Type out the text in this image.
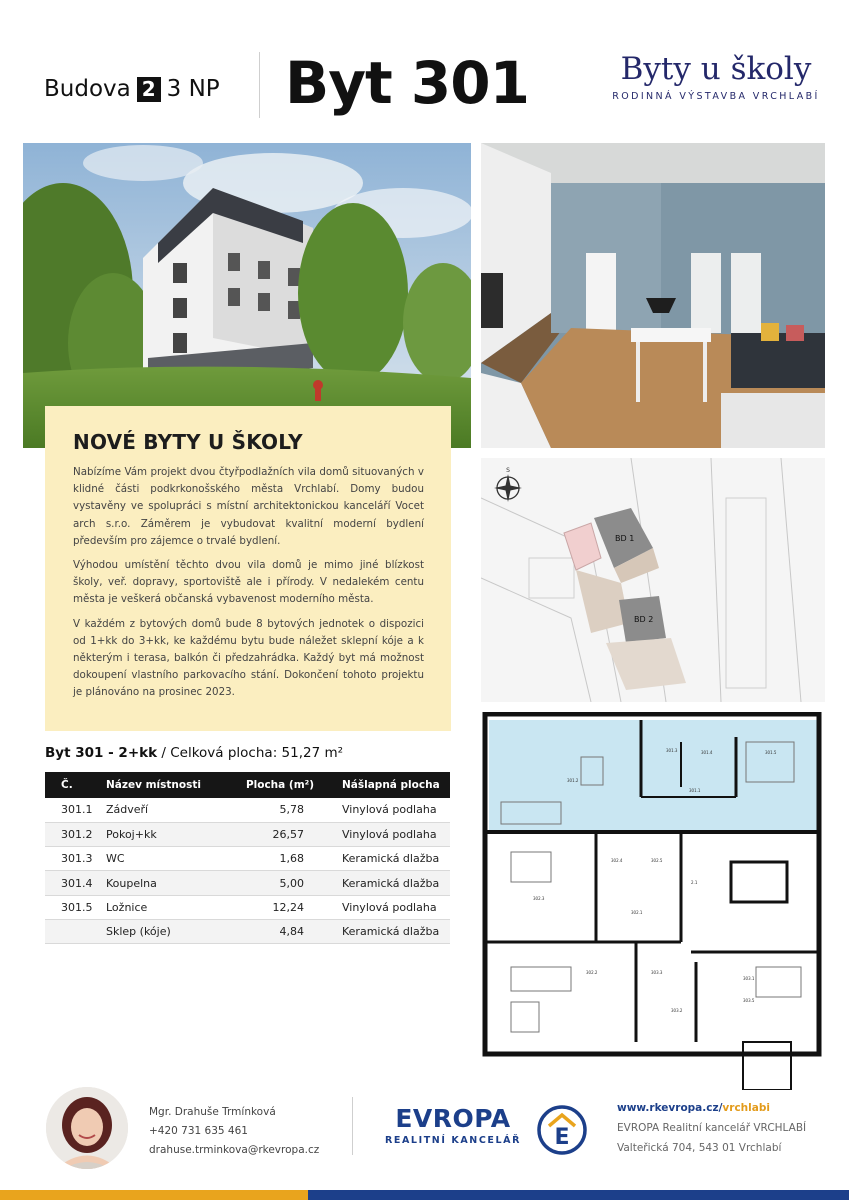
Budova 2 3 NP Byt 301	Byty u školy
RODINNÁ VÝSTAVBA VRCHLABÍ
NOVÉ BYTY U ŠKOLY

Nabízíme Vám projekt dvou čtyřpodlažních vila domů situovaných v klidné části podkrkonošského města Vrchlabí. Domy budou vystavěny ve spolupráci s místní architektonickou kanceláří Vocet arch s.r.o. Záměrem je vybudovat kvalitní moderní bydlení především pro zájemce o trvalé bydlení.

Výhodou umístění těchto dvou vila domů je mimo jiné blízkost školy, veř. dopravy, sportoviště ale i přírody. V nedalekém centu města je veškerá občanská vybavenost moderního města.

V každém z bytových domů bude 8 bytových jednotek o dispozici od 1+kk do 3+kk, ke každému bytu bude náležet sklepní kóje a k některým i terasa, balkón či předzahrádka. Každý byt má možnost dokoupení vlastního parkovacího stání. Dokončení tohoto projektu je plánováno na prosinec 2023.

S
BD 1
BD 2
301.2
301.1
301.3	301.4	301.5
302.1
302.2
302.3
302.4	302.5
303.1
303.2
303.3
303.5
2.1
Byt 301 - 2+kk / Celková plocha: 51,27 m²
Č.	Název místnosti	Plocha (m²)	Nášlapná plocha
301.1	Zádveří	5,78	Vinylová podlaha
301.2	Pokoj+kk	26,57	Vinylová podlaha
301.3	WC	1,68	Keramická dlažba
301.4	Koupelna	5,00	Keramická dlažba
301.5	Ložnice	12,24	Vinylová podlaha
	Sklep (kóje)	4,84	Keramická dlažba
Mgr. Drahuše Trmínková
+420 731 635 461
drahuse.trminkova@rkevropa.cz
EVROPA
REALITNÍ KANCELÁŘ E
www.rkevropa.cz/vrchlabi
EVROPA Realitní kancelář VRCHLABÍ
Valteřická 704, 543 01 Vrchlabí
